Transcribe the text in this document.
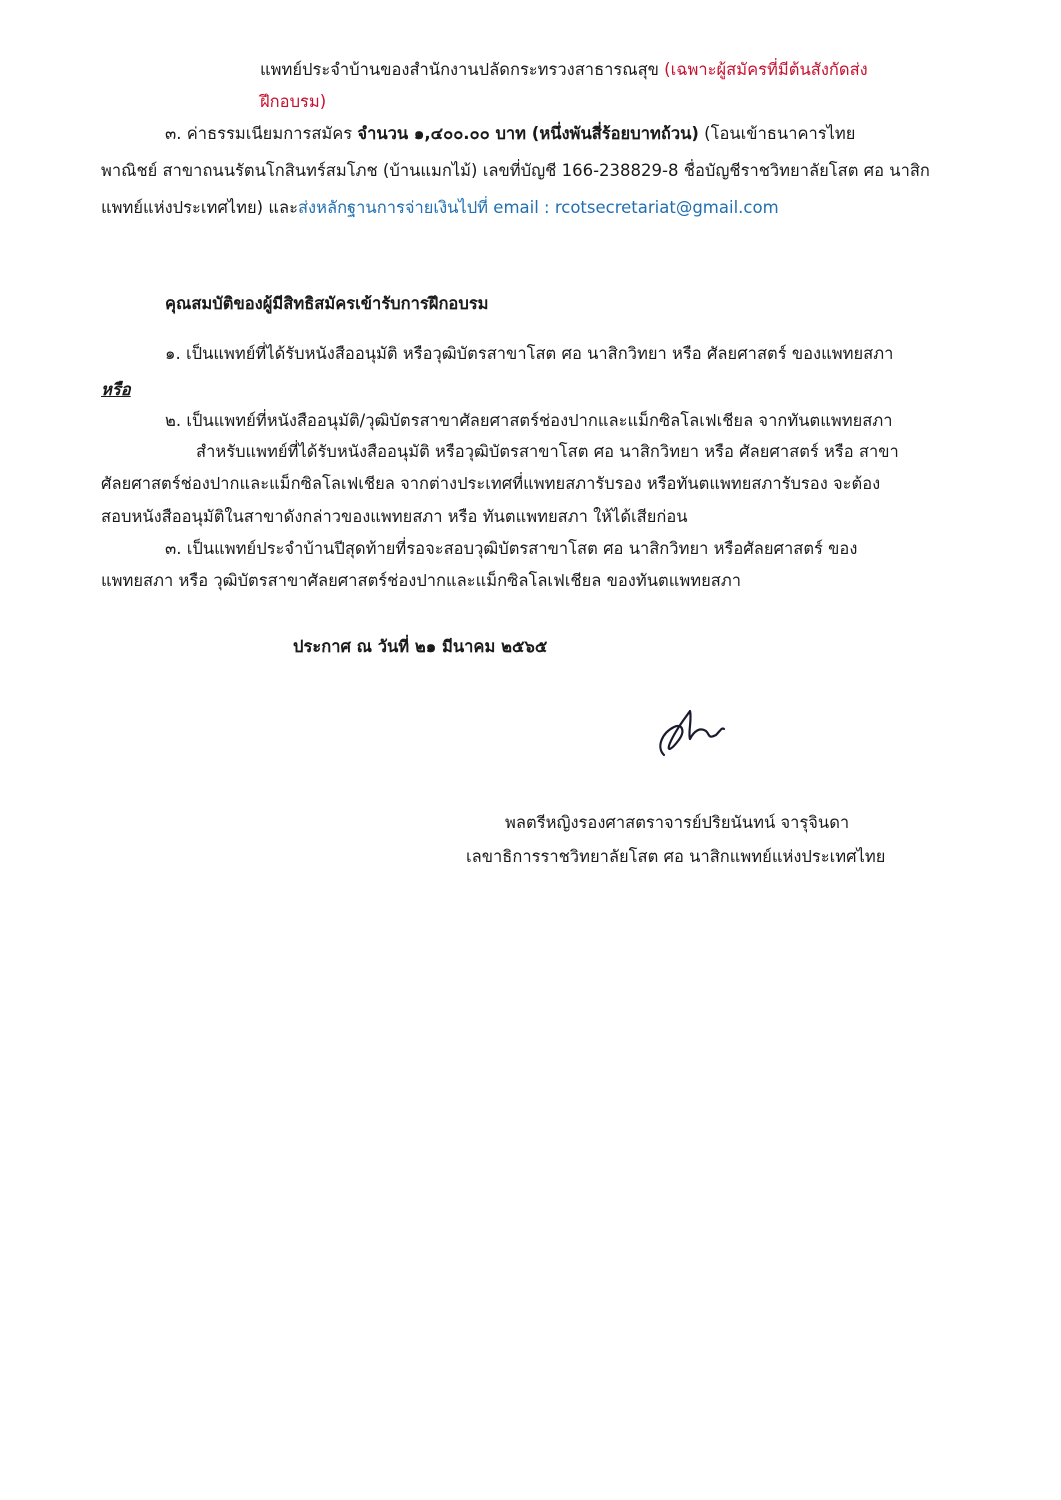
แพทย์ประจำบ้านของสำนักงานปลัดกระทรวงสาธารณสุข (เฉพาะผู้สมัครที่มีต้นสังกัดส่ง
ฝึกอบรม)
๓. ค่าธรรมเนียมการสมัคร จำนวน ๑,๔๐๐.๐๐ บาท (หนึ่งพันสี่ร้อยบาทถ้วน) (โอนเข้าธนาคารไทย
พาณิชย์ สาขาถนนรัตนโกสินทร์สมโภช (บ้านแมกไม้) เลขที่บัญชี 166-238829-8 ชื่อบัญชีราชวิทยาลัยโสต ศอ นาสิก
แพทย์แห่งประเทศไทย) และส่งหลักฐานการจ่ายเงินไปที่ email : rcotsecretariat@gmail.com
คุณสมบัติของผู้มีสิทธิสมัครเข้ารับการฝึกอบรม
๑. เป็นแพทย์ที่ได้รับหนังสืออนุมัติ หรือวุฒิบัตรสาขาโสต ศอ นาสิกวิทยา หรือ ศัลยศาสตร์ ของแพทยสภา
หรือ
๒. เป็นแพทย์ที่หนังสืออนุมัติ/วุฒิบัตรสาขาศัลยศาสตร์ช่องปากและแม็กซิลโลเฟเชียล จากทันตแพทยสภา
สำหรับแพทย์ที่ได้รับหนังสืออนุมัติ หรือวุฒิบัตรสาขาโสต ศอ นาสิกวิทยา หรือ ศัลยศาสตร์ หรือ สาขา
ศัลยศาสตร์ช่องปากและแม็กซิลโลเฟเชียล จากต่างประเทศที่แพทยสภารับรอง หรือทันตแพทยสภารับรอง จะต้อง
สอบหนังสืออนุมัติในสาขาดังกล่าวของแพทยสภา หรือ ทันตแพทยสภา ให้ได้เสียก่อน
๓. เป็นแพทย์ประจำบ้านปีสุดท้ายที่รอจะสอบวุฒิบัตรสาขาโสต ศอ นาสิกวิทยา หรือศัลยศาสตร์ ของ
แพทยสภา หรือ วุฒิบัตรสาขาศัลยศาสตร์ช่องปากและแม็กซิลโลเฟเชียล ของทันตแพทยสภา
ประกาศ ณ วันที่ ๒๑ มีนาคม ๒๕๖๕
พลตรีหญิงรองศาสตราจารย์ปริยนันทน์ จารุจินดา
เลขาธิการราชวิทยาลัยโสต ศอ นาสิกแพทย์แห่งประเทศไทย
